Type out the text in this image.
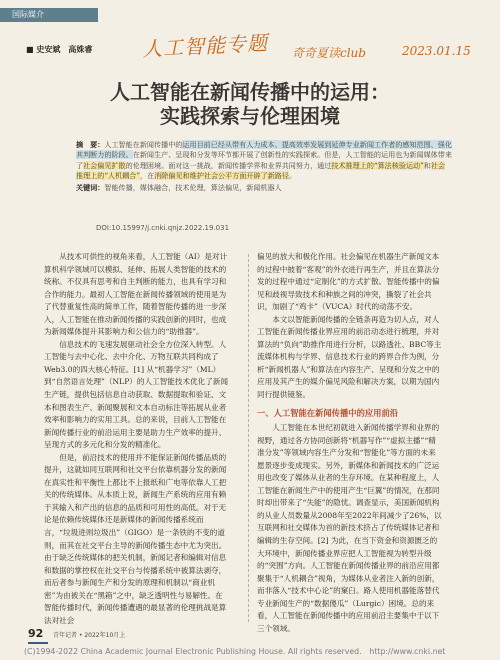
国际媒介
■ 史安斌　高姝睿 人工智能专题 奇奇夏读club	2023.01.15
人工智能在新闻传播中的运用：
实践探索与伦理困境

摘　要：人工智能在新闻传播中的运用目前已经从带有人力成本、提高效率发展到延伸专业新闻工作者的感知范围、强化其判断力的阶段。在新闻生产、呈现和分发等环节都开展了创新性的实践探索。但是，人工智能的运用也为新闻媒体带来了社会偏见扩散的伦理困境。面对这一挑战，新闻传播学界和业界共同努力，通过技术推理上的“算法核验运动”和社会推理上的“人机耦合”，在消除偏见和维护社会公平方面开辟了新路径。

关键词：智能传播，媒体融合，技术伦理，算法偏见，新闻机器人

DOI:10.15997/j.cnki.qnjz.2022.19.031

从技术可供性的视角来看，人工智能（AI）是对计算机科学领域可以模拟、延伸、拓展人类智能的技术的统称。不仅具有思考和自主判断的能力，也具有学习和合作的能力。最初人工智能在新闻传播领域的使用是为了代替重复性高的简单工作，随着智能传播的进一步深入，人工智能在推动新闻传播的实践创新的同时，也成为新闻媒体提升其影响力和公信力的“助推器”。

信息技术的飞速发展驱动社会全方位深入转型。人工智能与去中心化、去中介化、万物互联共同构成了Web3.0的四大核心特征。[1] 从“机器学习”（ML）到“自然语言处理”（NLP）的人工智能技术优化了新闻生产链，提供包括信息自动获取、数据提取和验证、文本和图表生产、新闻聚展和文本自动标注等拓展从业者效率和影响力的实用工具。总的来说，目前人工智能在新闻传播行业的前沿运用主要是助力生产效率的提升、呈现方式的多元化和分发的精准化。

但是，前沿技术的使用并不能保证新闻传播品质的提升，这就如同互联网和社交平台依靠机器分发的新闻在真实性和平衡性上都比不上报纸和广电等依靠人工把关的传统媒体。从本质上说，新闻生产系统的应用有赖于其输入和产出的信息的品质和可用性的高低。对于无论是依赖传统媒体还是新媒体的新闻传播系统而言，“垃圾进则垃圾出”（GIGO）是一条铁的不变的道则，而其在社交平台主导的新闻传播生态中尤为突出。由于缺乏传统媒体的把关机制，新闻记者和编辑对信息和数据的掌控权在社交平台与传播系统中被算法剥夺，而后者参与新闻生产和分发的原理和机制以“商业机密”为由被关在“黑箱”之中，缺乏透明性与易解性。在智能传播时代，新闻传播遭遇的最显著的伦理挑战是算法对社会

偏见的放大和极化作用。社会偏见在机器生产新闻文本的过程中披着“客观”的外衣进行再生产，并且在算法分发的过程中通过“定制化”的方式扩散。智能传播中的偏见和歧视导致技术和种族之间的冲突，撕裂了社会共识，加剧了“鸡卡”（VUCA）时代的动荡不安。

本文以智能新闻传播的全链条再造为切入点，对人工智能在新闻传播业界应用的前沿动态进行梳理，并对算法的“负向”助推作用进行分析，以路透社、BBC等主流媒体机构与学界、信息技术行业的跨界合作为例，分析“新闻机器人”和算法在内容生产、呈现和分发之中的应用及其产生的媒介偏见风险和解决方案，以期为国内同行提供镜鉴。

一、人工智能在新闻传播中的应用前沿

人工智能在本世纪初就进入新闻传播学界和业界的视野，通过各方协同创新将“机器写作”“虚拟主播”“精准分发”等领域内容生产分发和“智能化”等方面的未来愿景逐步变成现实。另外，新媒体和新闻技术的广泛运用也改变了媒体从业者的生存环境。在某种程度上，人工智能在新闻生产中的使用产生“巨翼”的情况，在那同时却出带来了“失能”的隐忧。调查显示，美国新闻机构的从业人员数量从2008年至2022年间减少了26%，以互联网和社交媒体为首的新技术挤占了传统媒体记者和编辑的生存空间。[2] 为此，在当下资金和资源匮乏的大环境中，新闻传播业界应把人工智能视为转型升级的“突围”方向。人工智能在新闻传播业界的前沿应用都聚集于“人机耦合”视角，为媒体从业者注入新的创新，而非落入“技术中心论”的窠臼。路人使用机器能落替代专业新闻生产的“数据傻瓜”（Lurgic）困境。总的来看，人工智能在新闻传播中的应用前沿主要集中于以下三个领域。

92 青年记者 • 2022年10月上
(C)1994-2022 China Academic Journal Electronic Publishing House. All rights reserved.　http://www.cnki.net
